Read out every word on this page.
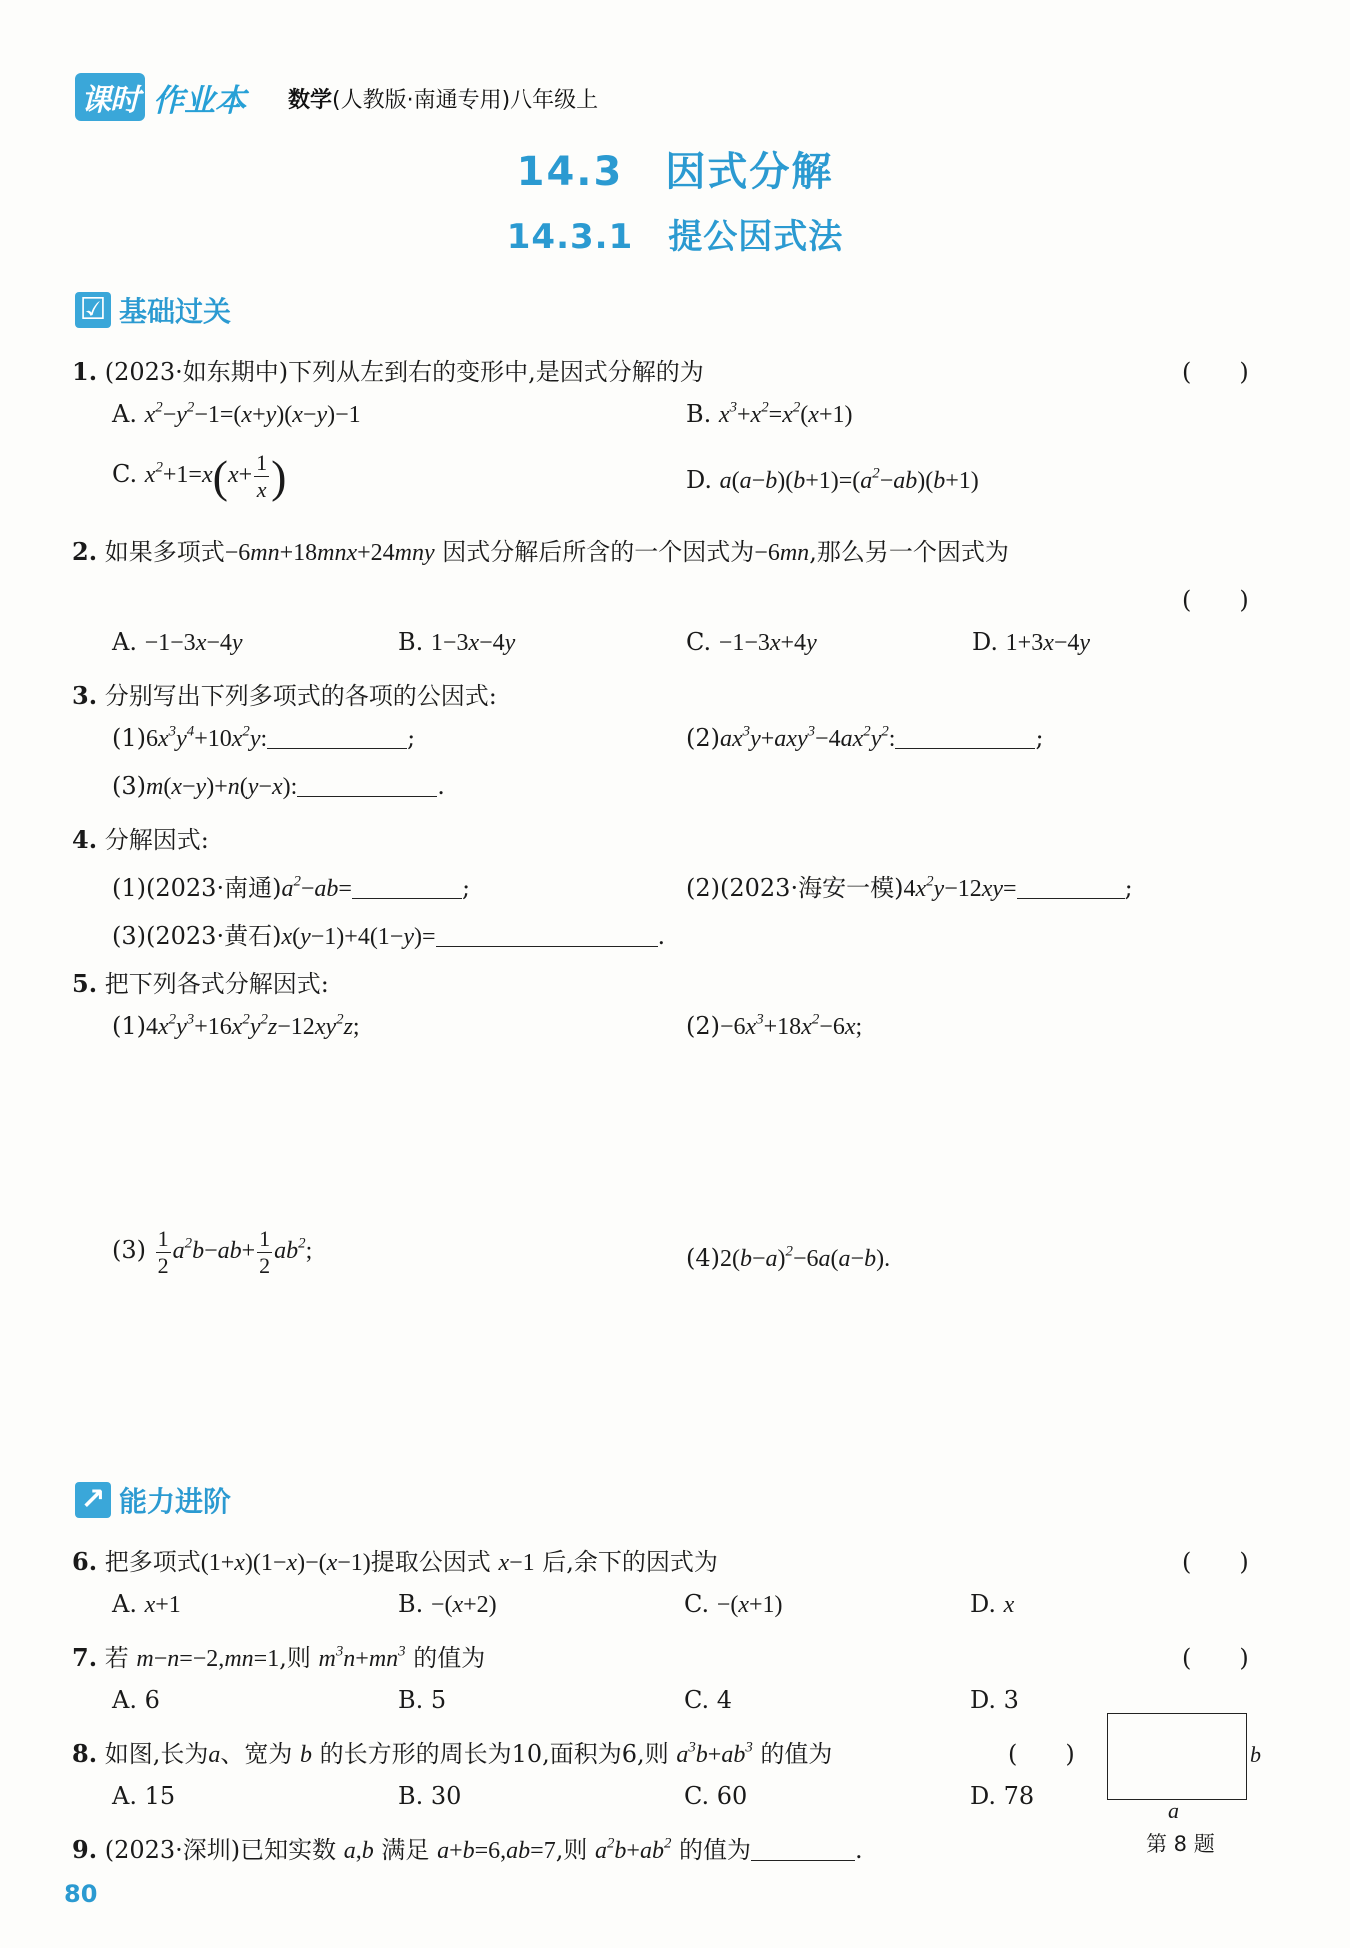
课时 作业本 数学(人教版·南通专用)八年级上
14.3　因式分解
14.3.1　提公因式法
☑ 基础过关
1. (2023·如东期中)下列从左到右的变形中,是因式分解的为	(　　)
A. $x^2-y^2-1=(x+y)(x-y)-1$	B. $x^3+x^2=x^2(x+1)$
C. $x^2+1=x(x+ \frac{1}{x}$ )	D. $a(a-b)(b+1)=(a^2-ab)(b+1)$
2. 如果多项式−6mn+18mnx+24mny 因式分解后所含的一个因式为−6mn,那么另一个因式为
(　　)
A. −1−3x−4y	B. 1−3x−4y	C. −1−3x+4y	D. 1+3x−4y
3. 分别写出下列多项式的各项的公因式:
$(1)6x^3y^4+10x^2y$:	;	$(2)ax^3y+axy^3-4ax^2y^2$:	;
(3)m(x−y)+n(y−x):	.
4. 分解因式:
(1)(2023·南通)$a^2-ab=$	;	(2)(2023·海安一模)$4x^2y-12xy=$	;
(3)(2023·黄石)x(y−1)+4(1−y)=	.
5. 把下列各式分解因式:
$(1)4x^2y^3+16x^2y^2z-12xy^2z$;	$(2)-6x^3+18x^2-6x$;
$(3) \frac{1}{2} a^2b-ab+ \frac{1}{2} ab^2$;	$(4)2(b-a)^2-6a(a-b)$.
↗ 能力进阶
6. 把多项式(1+x)(1−x)−(x−1)提取公因式 x−1 后,余下的因式为	(　　)
A. x+1	B. −(x+2)	C. −(x+1)	D. x
7. 若 m−n=−2,mn=1,则 $m^3n+mn^3$ 的值为	(　　)
A. 6	B. 5	C. 4	D. 3
8. 如图,长为a、宽为 b 的长方形的周长为10,面积为6,则 $a^3b+ab^3$ 的值为	(　　)
A. 15	B. 30	C. 60	D. 78
b
a
第 8 题
9. (2023·深圳)已知实数 a,b 满足 a+b=6,ab=7,则 $a^2b+ab^2$ 的值为	.
80
